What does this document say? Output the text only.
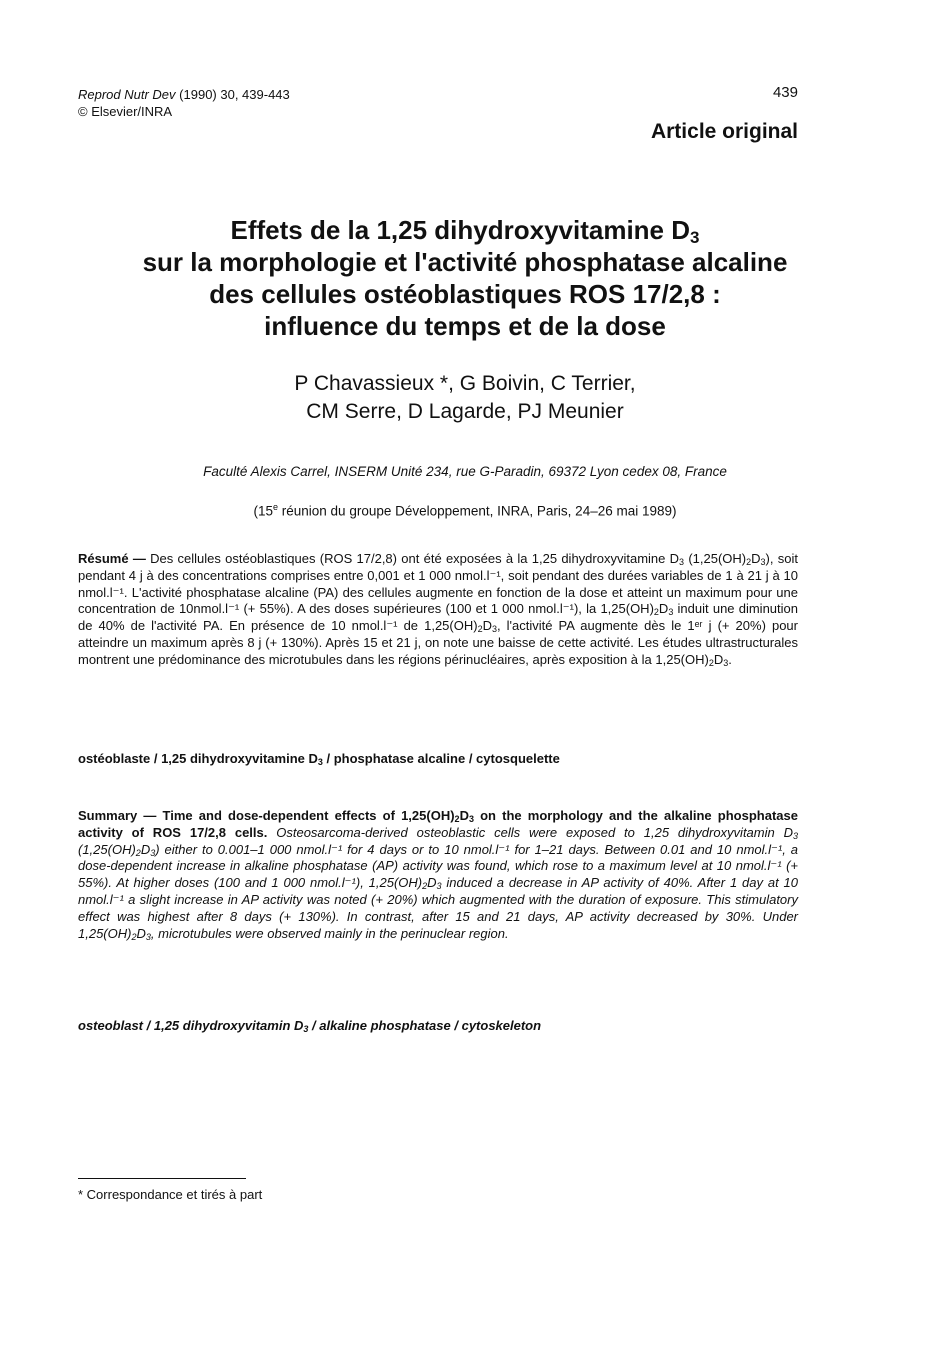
Reprod Nutr Dev (1990) 30, 439-443
© Elsevier/INRA
439
Article original
Effets de la 1,25 dihydroxyvitamine $D_3$
sur la morphologie et l'activité phosphatase alcaline
des cellules ostéoblastiques ROS 17/2,8 :
influence du temps et de la dose
P Chavassieux *, G Boivin, C Terrier,
CM Serre, D Lagarde, PJ Meunier
Faculté Alexis Carrel, INSERM Unité 234, rue G-Paradin, 69372 Lyon cedex 08, France
(15e réunion du groupe Développement, INRA, Paris, 24–26 mai 1989)
Résumé — Des cellules ostéoblastiques (ROS 17/2,8) ont été exposées à la 1,25 dihydroxyvitamine $D_3$ $(1,25(OH)_2D_3)$, soit pendant 4 j à des concentrations comprises entre 0,001 et 1 000 nmol.l⁻¹, soit pendant des durées variables de 1 à 21 j à 10 nmol.l⁻¹. L'activité phosphatase alcaline (PA) des cellules augmente en fonction de la dose et atteint un maximum pour une concentration de 10nmol.l⁻¹ (+ 55%). A des doses supérieures (100 et 1 000 nmol.l⁻¹), la $1,25(OH)_2D_3$ induit une diminution de 40% de l'activité PA. En présence de 10 nmol.l⁻¹ de $1,25(OH)_2D_3$, l'activité PA augmente dès le 1ᵉʳ j (+ 20%) pour atteindre un maximum après 8 j (+ 130%). Après 15 et 21 j, on note une baisse de cette activité. Les études ultrastructurales montrent une prédominance des microtubules dans les régions périnucléaires, après exposition à la $1,25(OH)_2D_3$.
ostéoblaste / 1,25 dihydroxyvitamine $D_3$ / phosphatase alcaline / cytosquelette
Summary — Time and dose-dependent effects of $1,25(OH)_2D_3$ on the morphology and the alkaline phosphatase activity of ROS 17/2,8 cells. Osteosarcoma-derived osteoblastic cells were exposed to 1,25 dihydroxyvitamin $D_3$ $(1,25(OH)_2D_3)$ either to 0.001–1 000 nmol.l⁻¹ for 4 days or to 10 nmol.l⁻¹ for 1–21 days. Between 0.01 and 10 nmol.l⁻¹, a dose-dependent increase in alkaline phosphatase (AP) activity was found, which rose to a maximum level at 10 nmol.l⁻¹ (+ 55%). At higher doses (100 and 1 000 nmol.l⁻¹), $1,25(OH)_2D_3$ induced a decrease in AP activity of 40%. After 1 day at 10 nmol.l⁻¹ a slight increase in AP activity was noted (+ 20%) which augmented with the duration of exposure. This stimulatory effect was highest after 8 days (+ 130%). In contrast, after 15 and 21 days, AP activity decreased by 30%. Under $1,25(OH)_2D_3$, microtubules were observed mainly in the perinuclear region.
osteoblast / 1,25 dihydroxyvitamin $D_3$ / alkaline phosphatase / cytoskeleton
* Correspondance et tirés à part
